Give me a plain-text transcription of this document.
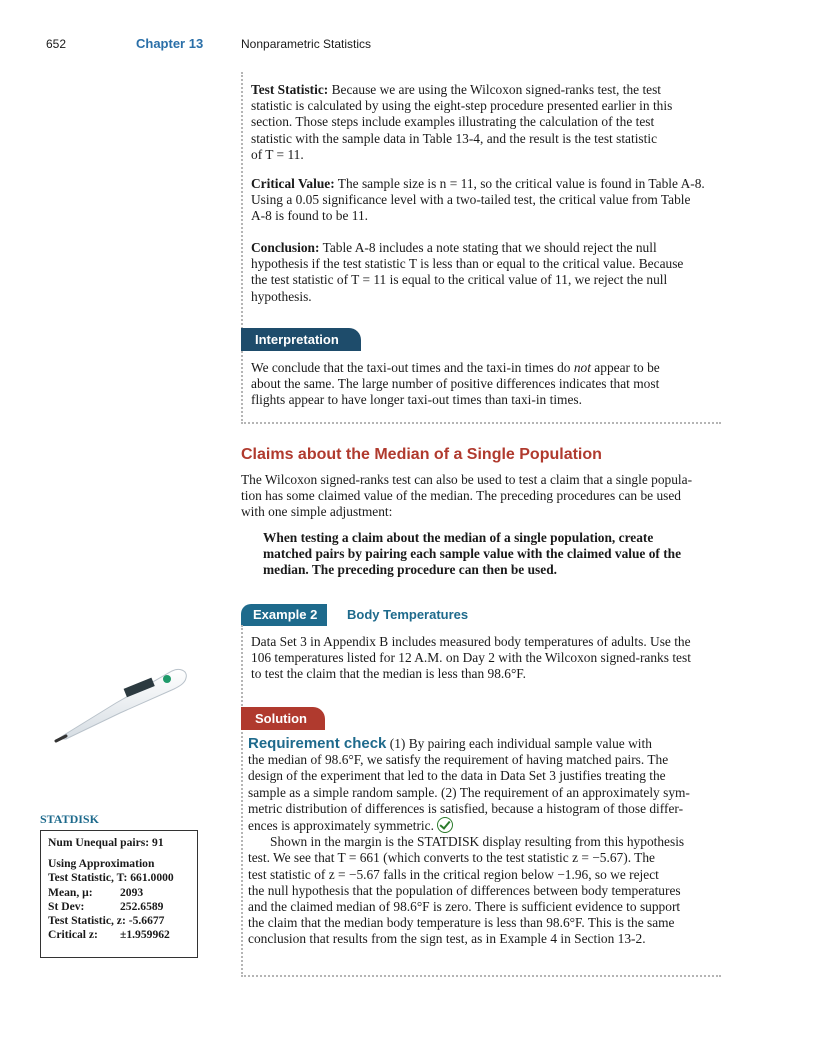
652	Chapter 13	Nonparametric Statistics
Test Statistic: Because we are using the Wilcoxon signed-ranks test, the test
statistic is calculated by using the eight-step procedure presented earlier in this
section. Those steps include examples illustrating the calculation of the test
statistic with the sample data in Table 13-4, and the result is the test statistic
of T = 11.
Critical Value: The sample size is n = 11, so the critical value is found in Table A-8.
Using a 0.05 significance level with a two-tailed test, the critical value from Table
A-8 is found to be 11.
Conclusion: Table A-8 includes a note stating that we should reject the null
hypothesis if the test statistic T is less than or equal to the critical value. Because
the test statistic of T = 11 is equal to the critical value of 11, we reject the null
hypothesis.
Interpretation
We conclude that the taxi-out times and the taxi-in times do not appear to be
about the same. The large number of positive differences indicates that most
flights appear to have longer taxi-out times than taxi-in times.
Claims about the Median of a Single Population
The Wilcoxon signed-ranks test can also be used to test a claim that a single popula-
tion has some claimed value of the median. The preceding procedures can be used
with one simple adjustment:
When testing a claim about the median of a single population, create
matched pairs by pairing each sample value with the claimed value of the
median. The preceding procedure can then be used.
Example 2	Body Temperatures
Data Set 3 in Appendix B includes measured body temperatures of adults. Use the
106 temperatures listed for 12 A.M. on Day 2 with the Wilcoxon signed-ranks test
to test the claim that the median is less than 98.6°F.
Solution
Requirement check (1) By pairing each individual sample value with
the median of 98.6°F, we satisfy the requirement of having matched pairs. The
design of the experiment that led to the data in Data Set 3 justifies treating the
sample as a simple random sample. (2) The requirement of an approximately sym-
metric distribution of differences is satisfied, because a histogram of those differ-
ences is approximately symmetric.
Shown in the margin is the STATDISK display resulting from this hypothesis
test. We see that T = 661 (which converts to the test statistic z = −5.67). The
test statistic of z = −5.67 falls in the critical region below −1.96, so we reject
the null hypothesis that the population of differences between body temperatures
and the claimed median of 98.6°F is zero. There is sufficient evidence to support
the claim that the median body temperature is less than 98.6°F. This is the same
conclusion that results from the sign test, as in Example 4 in Section 13-2.
STATDISK
Num Unequal pairs: 91
Using Approximation
Test Statistic, T: 661.0000
Mean, μ: 2093
St Dev:	252.6589
Test Statistic, z: -5.6677
Critical z: ±1.959962
